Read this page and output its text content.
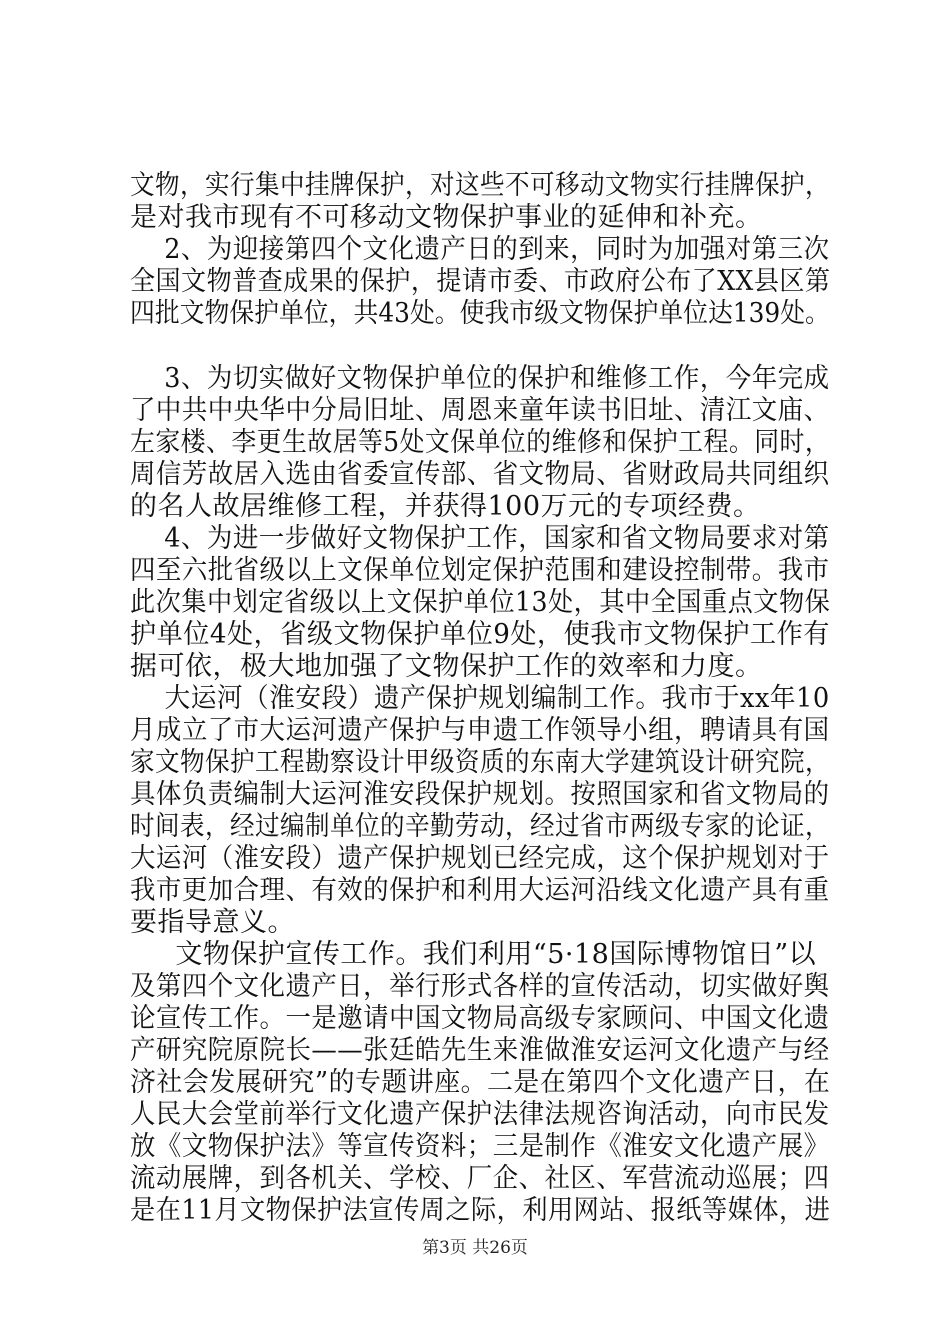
文物，实行集中挂牌保护，对这些不可移动文物实行挂牌保护，
是对我市现有不可移动文物保护事业的延伸和补充。
2、为迎接第四个文化遗产日的到来，同时为加强对第三次
全国文物普查成果的保护，提请市委、市政府公布了XX县区第
四批文物保护单位，共43处。使我市级文物保护单位达139处。
3、为切实做好文物保护单位的保护和维修工作，今年完成
了中共中央华中分局旧址、周恩来童年读书旧址、清江文庙、
左家楼、李更生故居等5处文保单位的维修和保护工程。同时，
周信芳故居入选由省委宣传部、省文物局、省财政局共同组织
的名人故居维修工程，并获得100万元的专项经费。
4、为进一步做好文物保护工作，国家和省文物局要求对第
四至六批省级以上文保单位划定保护范围和建设控制带。我市
此次集中划定省级以上文保护单位13处，其中全国重点文物保
护单位4处，省级文物保护单位9处，使我市文物保护工作有
据可依，极大地加强了文物保护工作的效率和力度。
大运河（淮安段）遗产保护规划编制工作。我市于xx年10
月成立了市大运河遗产保护与申遗工作领导小组，聘请具有国
家文物保护工程勘察设计甲级资质的东南大学建筑设计研究院，
具体负责编制大运河淮安段保护规划。按照国家和省文物局的
时间表，经过编制单位的辛勤劳动，经过省市两级专家的论证，
大运河（淮安段）遗产保护规划已经完成，这个保护规划对于
我市更加合理、有效的保护和利用大运河沿线文化遗产具有重
要指导意义。
文物保护宣传工作。我们利用“5·18国际博物馆日”以
及第四个文化遗产日，举行形式各样的宣传活动，切实做好舆
论宣传工作。一是邀请中国文物局高级专家顾问、中国文化遗
产研究院原院长——张廷皓先生来淮做淮安运河文化遗产与经
济社会发展研究”的专题讲座。二是在第四个文化遗产日，在
人民大会堂前举行文化遗产保护法律法规咨询活动，向市民发
放《文物保护法》等宣传资料；三是制作《淮安文化遗产展》
流动展牌，到各机关、学校、厂企、社区、军营流动巡展；四
是在11月文物保护法宣传周之际，利用网站、报纸等媒体，进
第3页 共26页
